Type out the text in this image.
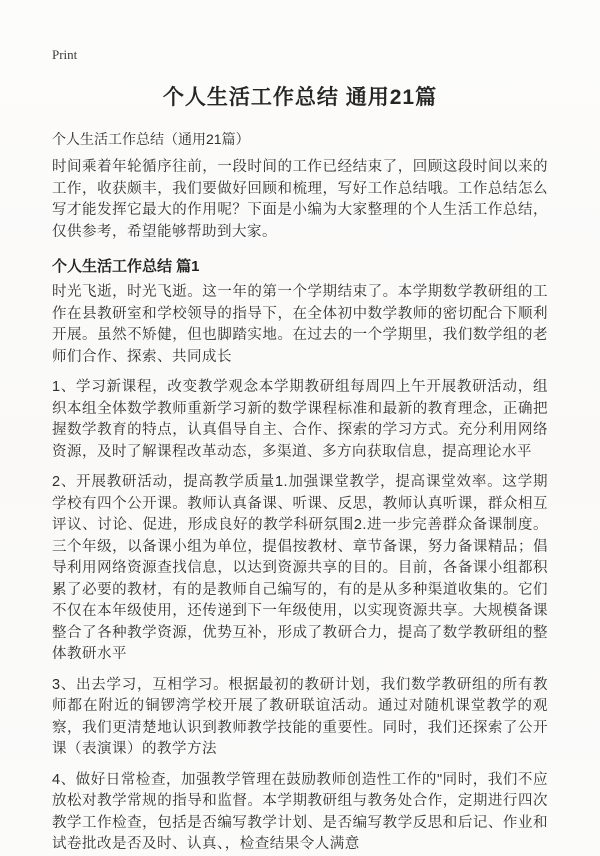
Print
个人生活工作总结 通用21篇
个人生活工作总结（通用21篇）

时间乘着年轮循序往前，一段时间的工作已经结束了，回顾这段时间以来的工作，收获颇丰，我们要做好回顾和梳理，写好工作总结哦。工作总结怎么写才能发挥它最大的作用呢？下面是小编为大家整理的个人生活工作总结，仅供参考，希望能够帮助到大家。

个人生活工作总结 篇1

时光飞逝，时光飞逝。这一年的第一个学期结束了。本学期数学教研组的工作在县教研室和学校领导的指导下，在全体初中数学教师的密切配合下顺利开展。虽然不矫健，但也脚踏实地。在过去的一个学期里，我们数学组的老师们合作、探索、共同成长

1、学习新课程，改变教学观念本学期教研组每周四上午开展教研活动，组织本组全体数学教师重新学习新的数学课程标准和最新的教育理念，正确把握数学教育的特点，认真倡导自主、合作、探索的学习方式。充分利用网络资源，及时了解课程改革动态，多渠道、多方向获取信息，提高理论水平

2、开展教研活动，提高教学质量1.加强课堂教学，提高课堂效率。这学期学校有四个公开课。教师认真备课、听课、反思，教师认真听课，群众相互评议、讨论、促进，形成良好的教学科研氛围2.进一步完善群众备课制度。三个年级，以备课小组为单位，提倡按教材、章节备课，努力备课精品；倡导利用网络资源查找信息，以达到资源共享的目的。目前，各备课小组都积累了必要的教材，有的是教师自己编写的，有的是从多种渠道收集的。它们不仅在本年级使用，还传递到下一年级使用，以实现资源共享。大规模备课整合了各种教学资源，优势互补，形成了教研合力，提高了数学教研组的整体教研水平

3、出去学习，互相学习。根据最初的教研计划，我们数学教研组的所有教师都在附近的铜锣湾学校开展了教研联谊活动。通过对随机课堂教学的观察，我们更清楚地认识到教师教学技能的重要性。同时，我们还探索了公开课（表演课）的教学方法

4、做好日常检查，加强教学管理在鼓励教师创造性工作的"同时，我们不应放松对教学常规的指导和监督。本学期教研组与教务处合作，定期进行四次教学工作检查，包括是否编写教学计划、是否编写教学反思和后记、作业和试卷批改是否及时、认真、，检查结果令人满意
